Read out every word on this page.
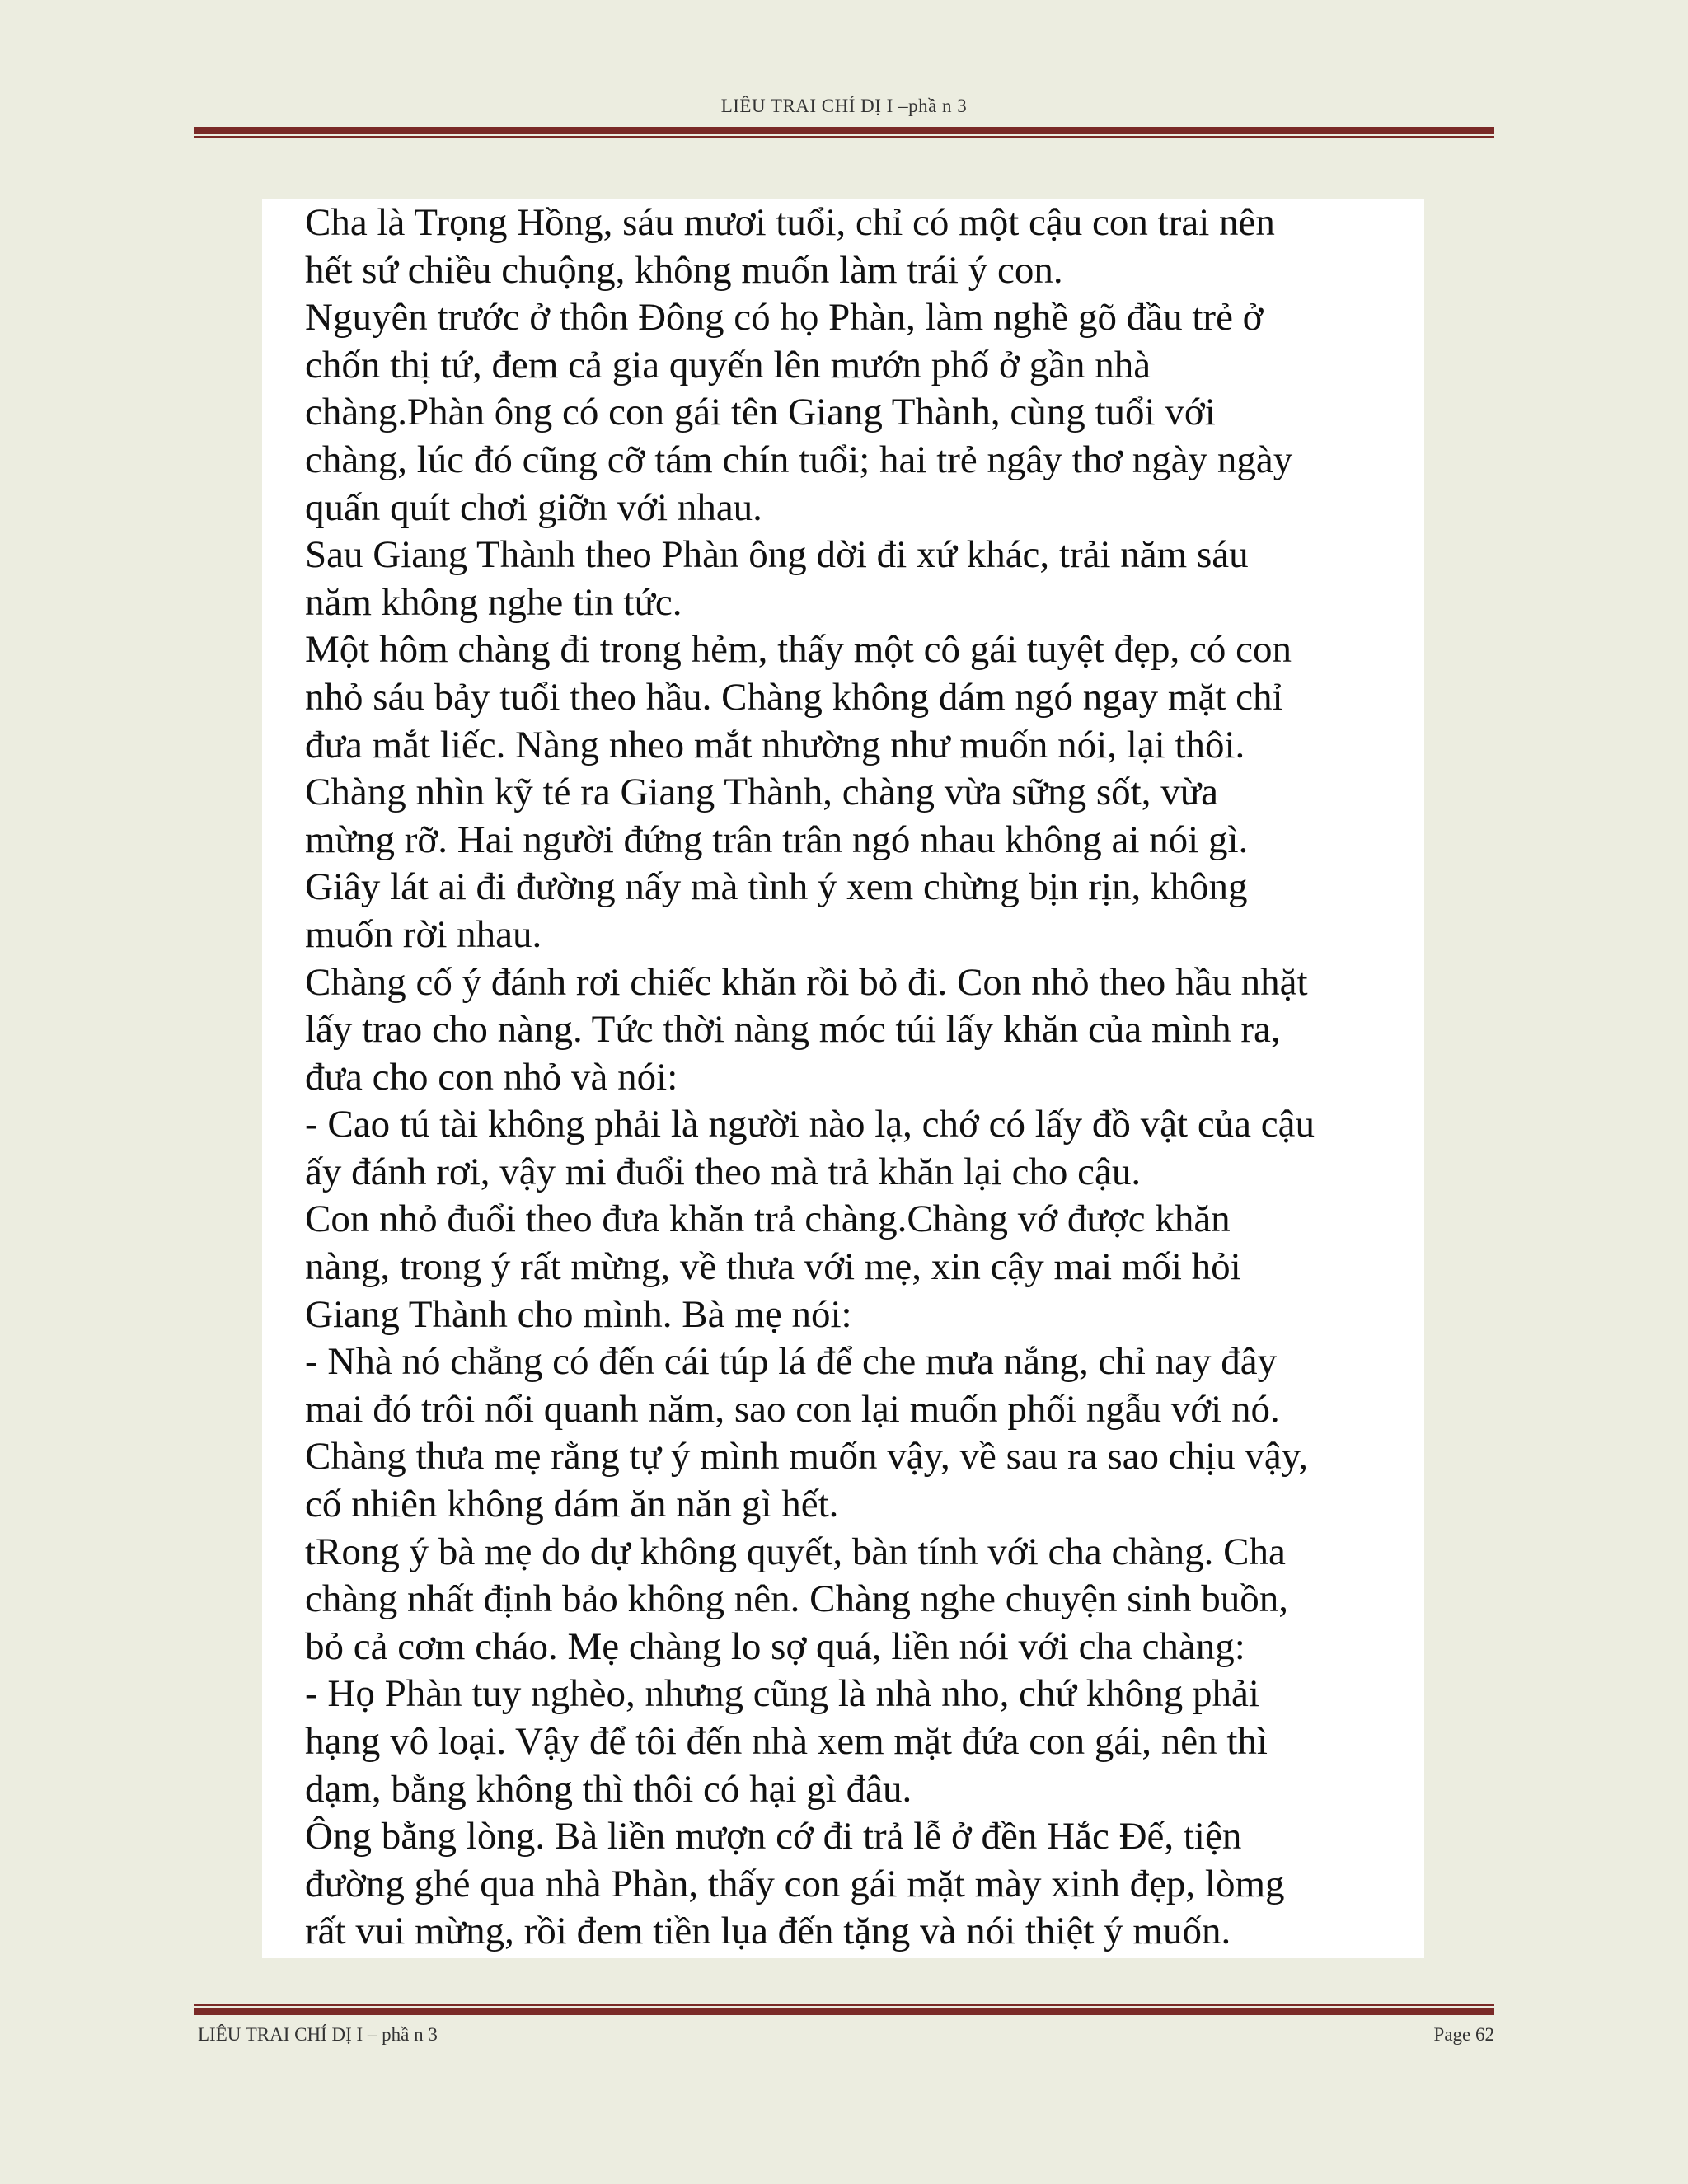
LIÊU TRAI CHÍ DỊ I –phầ n 3
Cha là Trọng Hồng, sáu mươi tuổi, chỉ có một cậu con trai nên
hết sứ chiều chuộng, không muốn làm trái ý con.
Nguyên trước ở thôn Đông có họ Phàn, làm nghề gõ đầu trẻ ở
chốn thị tứ, đem cả gia quyến lên mướn phố ở gần nhà
chàng.Phàn ông có con gái tên Giang Thành, cùng tuổi với
chàng, lúc đó cũng cỡ tám chín tuổi; hai trẻ ngây thơ ngày ngày
quấn quít chơi giỡn với nhau.
Sau Giang Thành theo Phàn ông dời đi xứ khác, trải năm sáu
năm không nghe tin tức.
Một hôm chàng đi trong hẻm, thấy một cô gái tuyệt đẹp, có con
nhỏ sáu bảy tuổi theo hầu. Chàng không dám ngó ngay mặt chỉ
đưa mắt liếc. Nàng nheo mắt nhường như muốn nói, lại thôi.
Chàng nhìn kỹ té ra Giang Thành, chàng vừa sững sốt, vừa
mừng rỡ. Hai người đứng trân trân ngó nhau không ai nói gì.
Giây lát ai đi đường nấy mà tình ý xem chừng bịn rịn, không
muốn rời nhau.
Chàng cố ý đánh rơi chiếc khăn rồi bỏ đi. Con nhỏ theo hầu nhặt
lấy trao cho nàng. Tức thời nàng móc túi lấy khăn của mình ra,
đưa cho con nhỏ và nói:
- Cao tú tài không phải là người nào lạ, chớ có lấy đồ vật của cậu
ấy đánh rơi, vậy mi đuổi theo mà trả khăn lại cho cậu.
Con nhỏ đuổi theo đưa khăn trả chàng.Chàng vớ được khăn
nàng, trong ý rất mừng, về thưa với mẹ, xin cậy mai mối hỏi
Giang Thành cho mình. Bà mẹ nói:
- Nhà nó chẳng có đến cái túp lá để che mưa nắng, chỉ nay đây
mai đó trôi nổi quanh năm, sao con lại muốn phối ngẫu với nó.
Chàng thưa mẹ rằng tự ý mình muốn vậy, về sau ra sao chịu vậy,
cố nhiên không dám ăn năn gì hết.
tRong ý bà mẹ do dự không quyết, bàn tính với cha chàng. Cha
chàng nhất định bảo không nên. Chàng nghe chuyện sinh buồn,
bỏ cả cơm cháo. Mẹ chàng lo sợ quá, liền nói với cha chàng:
- Họ Phàn tuy nghèo, nhưng cũng là nhà nho, chứ không phải
hạng vô loại. Vậy để tôi đến nhà xem mặt đứa con gái, nên thì
dạm, bằng không thì thôi có hại gì đâu.
Ông bằng lòng. Bà liền mượn cớ đi trả lễ ở đền Hắc Đế, tiện
đường ghé qua nhà Phàn, thấy con gái mặt mày xinh đẹp, lòmg
rất vui mừng, rồi đem tiền lụa đến tặng và nói thiệt ý muốn.
LIÊU TRAI CHÍ DỊ I – phầ n 3	Page 62
